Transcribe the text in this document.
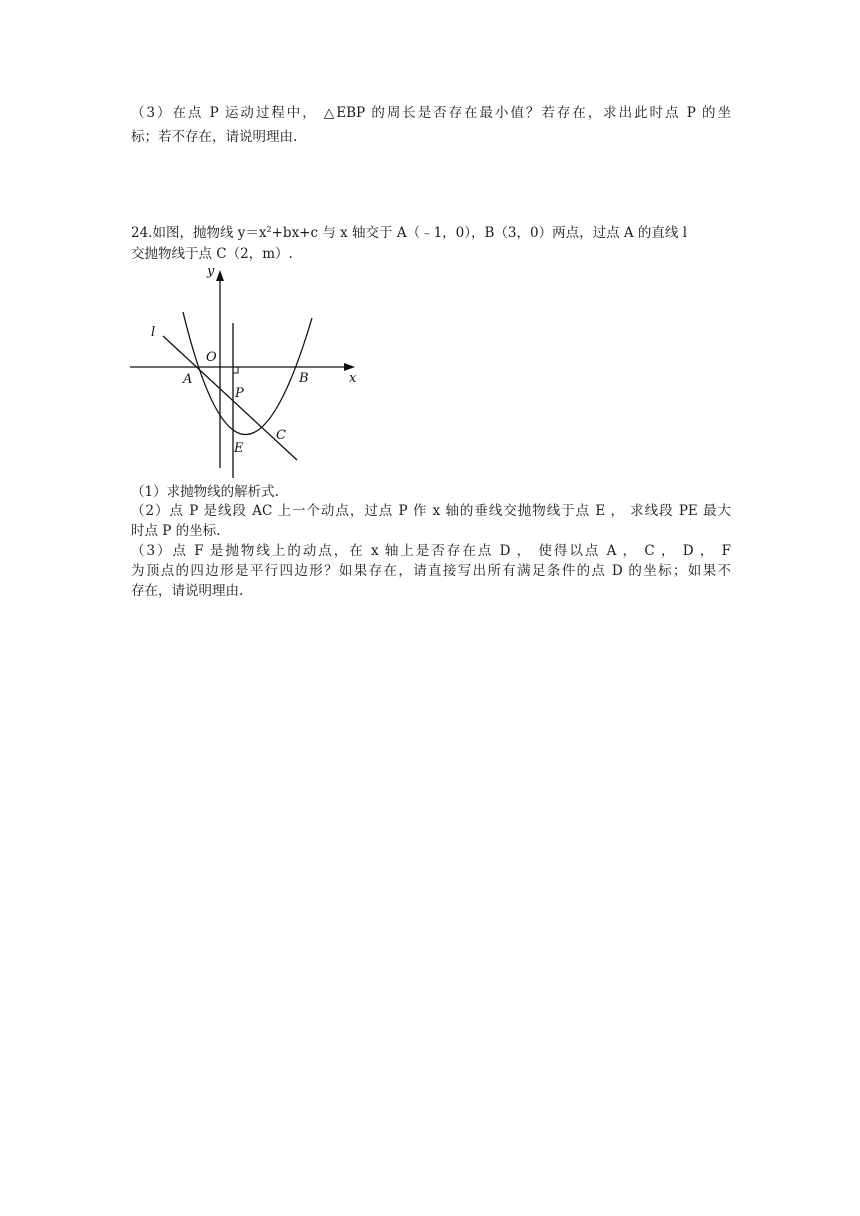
（3）在点 P 运动过程中， △EBP 的周长是否存在最小值？若存在，求出此时点 P 的坐
标；若不存在，请说明理由.
24.如图，抛物线 $y=x^2+bx+c$ 与 x 轴交于 A（﹣1，0），B（3，0）两点，过点 A 的直线 l
交抛物线于点 C（2，m）.
y
x
l
O
A	B
P
E
C
（1）求抛物线的解析式.
（2）点 P 是线段 AC 上一个动点，过点 P 作 x 轴的垂线交抛物线于点 E ， 求线段 PE 最大
时点 P 的坐标.
（3）点 F 是抛物线上的动点，在 x 轴上是否存在点 D ， 使得以点 A ， C ， D ， F
为顶点的四边形是平行四边形？如果存在，请直接写出所有满足条件的点 D 的坐标；如果不
存在，请说明理由.
